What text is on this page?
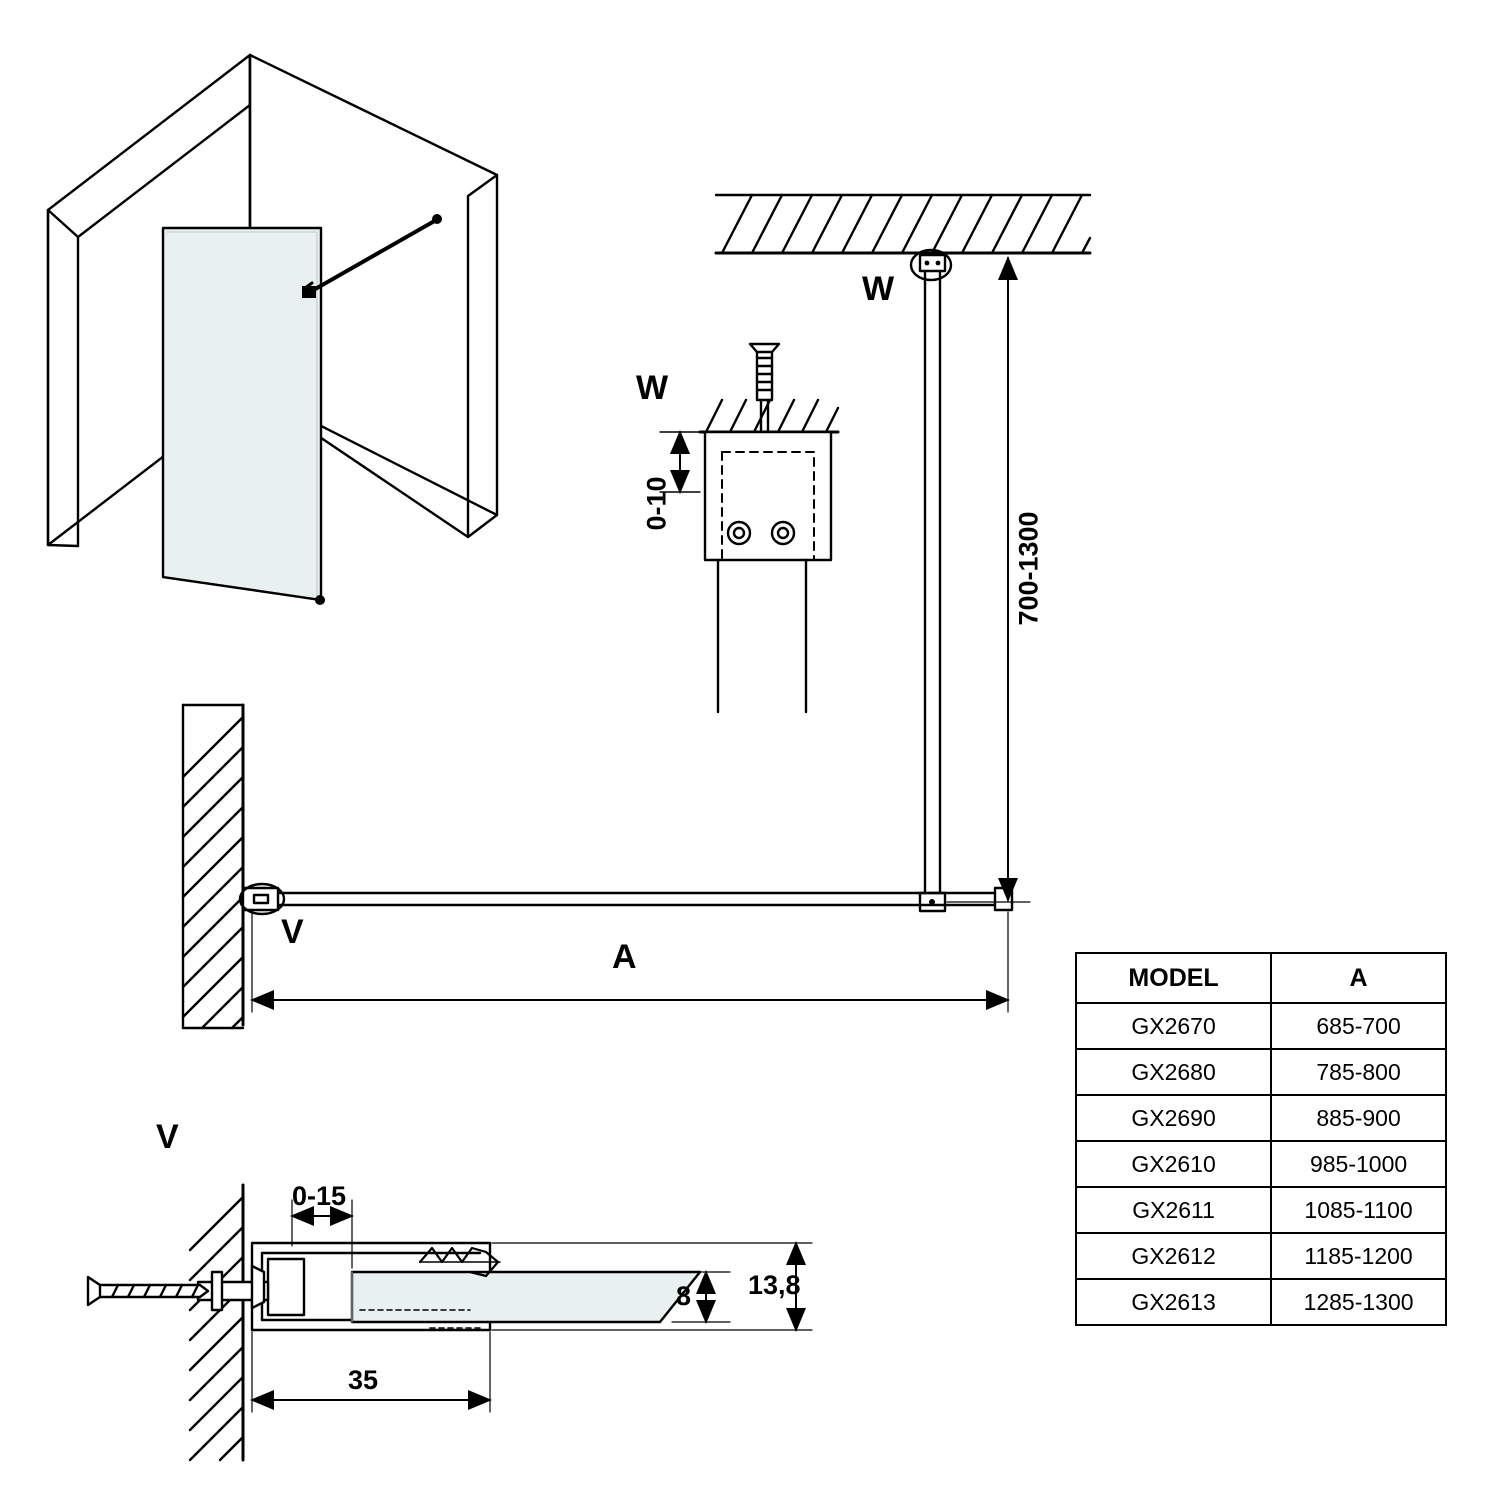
W
W
0-10
700-1300
V
A
V
0-15
8 13,8
35
MODEL	A
GX2670	685-700
GX2680	785-800
GX2690	885-900
GX2610	985-1000
GX2611	1085-1100
GX2612	1185-1200
GX2613	1285-1300
